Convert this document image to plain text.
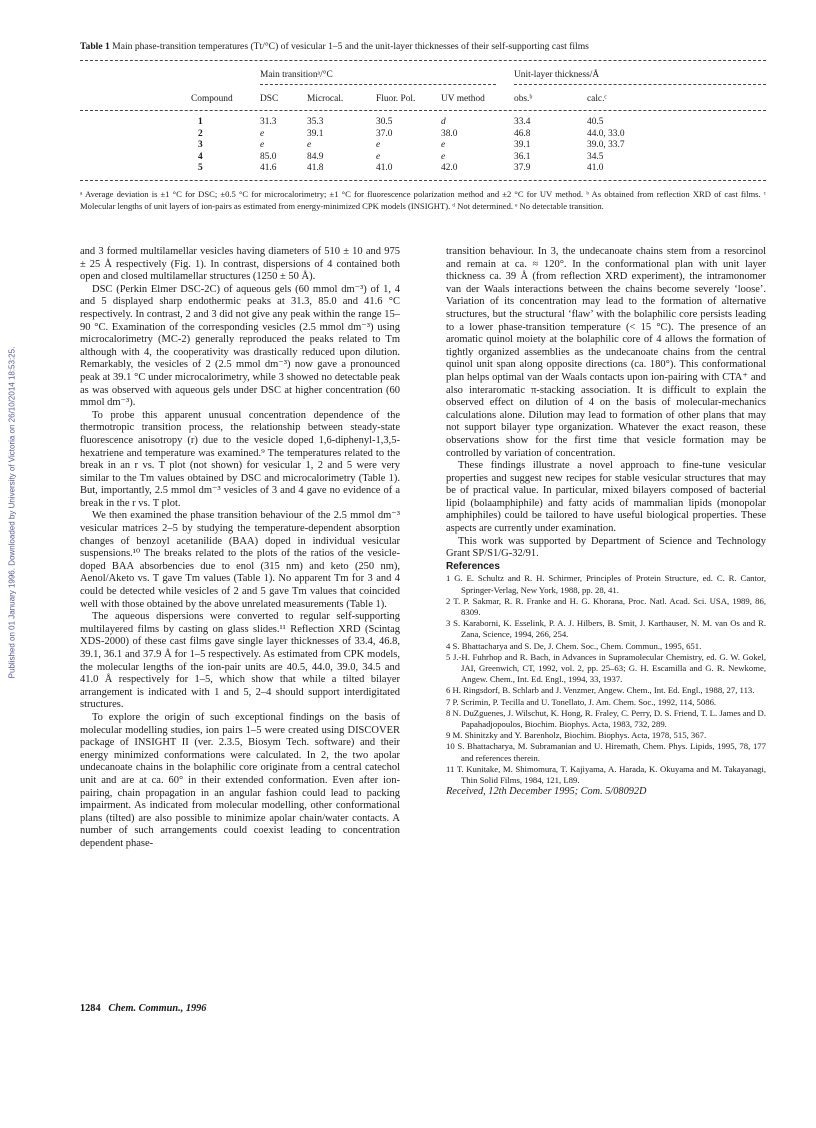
Published on 01 January 1996. Downloaded by University of Victoria on 26/10/2014 18:53:25.
Table 1 Main phase-transition temperatures (Tt/°C) of vesicular 1–5 and the unit-layer thicknesses of their self-supporting cast films
Main transitionᵃ/°C	Unit-layer thickness/Å
Compound	DSC	Microcal.	Fluor. Pol.	UV method	obs.ᵇ	calc.ᶜ
1	31.3	35.3	30.5	d	33.4	40.5
2	e	39.1	37.0	38.0	46.8	44.0, 33.0
3	e	e	e	e	39.1	39.0, 33.7
4	85.0	84.9	e	e	36.1	34.5
5	41.6	41.8	41.0	42.0	37.9	41.0
ᵃ Average deviation is ±1 °C for DSC; ±0.5 °C for microcalorimetry; ±1 °C for fluorescence polarization method and ±2 °C for UV method. ᵇ As obtained from reflection XRD of cast films. ᶜ Molecular lengths of unit layers of ion-pairs as estimated from energy-minimized CPK models (INSIGHT). ᵈ Not determined. ᵉ No detectable transition.

and 3 formed multilamellar vesicles having diameters of 510 ± 10 and 975 ± 25 Å respectively (Fig. 1). In contrast, dispersions of 4 contained both open and closed multilamellar structures (1250 ± 50 Å).

DSC (Perkin Elmer DSC-2C) of aqueous gels (60 mmol dm⁻³) of 1, 4 and 5 displayed sharp endothermic peaks at 31.3, 85.0 and 41.6 °C respectively. In contrast, 2 and 3 did not give any peak within the range 15–90 °C. Examination of the corresponding vesicles (2.5 mmol dm⁻³) using microcalorimetry (MC-2) generally reproduced the peaks related to Tm although with 4, the cooperativity was drastically reduced upon dilution. Remarkably, the vesicles of 2 (2.5 mmol dm⁻³) now gave a pronounced peak at 39.1 °C under microcalorimetry, while 3 showed no detectable peak as was observed with aqueous gels under DSC at higher concentration (60 mmol dm⁻³).

To probe this apparent unusual concentration dependence of the thermotropic transition process, the relationship between steady-state fluorescence anisotropy (r) due to the vesicle doped 1,6-diphenyl-1,3,5-hexatriene and temperature was examined.⁹ The temperatures related to the break in an r vs. T plot (not shown) for vesicular 1, 2 and 5 were very similar to the Tm values obtained by DSC and microcalorimetry (Table 1). But, importantly, 2.5 mmol dm⁻³ vesicles of 3 and 4 gave no evidence of a break in the r vs. T plot.

We then examined the phase transition behaviour of the 2.5 mmol dm⁻³ vesicular matrices 2–5 by studying the temperature-dependent absorption changes of benzoyl acetanilide (BAA) doped in individual vesicular suspensions.¹⁰ The breaks related to the plots of the ratios of the vesicle-doped BAA absorbencies due to enol (315 nm) and keto (250 nm), Aenol/Aketo vs. T gave Tm values (Table 1). No apparent Tm for 3 and 4 could be detected while vesicles of 2 and 5 gave Tm values that coincided well with those obtained by the above unrelated measurements (Table 1).

The aqueous dispersions were converted to regular self-supporting multilayered films by casting on glass slides.¹¹ Reflection XRD (Scintag XDS-2000) of these cast films gave single layer thicknesses of 33.4, 46.8, 39.1, 36.1 and 37.9 Å for 1–5 respectively. As estimated from CPK models, the molecular lengths of the ion-pair units are 40.5, 44.0, 39.0, 34.5 and 41.0 Å respectively for 1–5, which show that while a tilted bilayer arrangement is indicated with 1 and 5, 2–4 should support interdigitated structures.

To explore the origin of such exceptional findings on the basis of molecular modelling studies, ion pairs 1–5 were created using DISCOVER package of INSIGHT II (ver. 2.3.5, Biosym Tech. software) and their energy minimized conformations were calculated. In 2, the two apolar undecanoate chains in the bolaphilic core originate from a central catechol unit and are at ca. 60° in their extended conformation. Even after ion-pairing, chain propagation in an angular fashion could lead to packing impairment. As indicated from molecular modelling, other conformational plans (tilted) are also possible to minimize apolar chain/water contacts. A number of such arrangements could coexist leading to concentration dependent phase-

transition behaviour. In 3, the undecanoate chains stem from a resorcinol and remain at ca. ≈ 120°. In the conformational plan with unit layer thickness ca. 39 Å (from reflection XRD experiment), the intramonomer van der Waals interactions between the chains become severely ‘loose’. Variation of its concentration may lead to the formation of alternative structures, but the structural ‘flaw’ with the bolaphilic core persists leading to a lower phase-transition temperature (< 15 °C). The presence of an aromatic quinol moiety at the bolaphilic core of 4 allows the formation of tightly organized assemblies as the undecanoate chains from the central quinol unit span along opposite directions (ca. 180°). This conformational plan helps optimal van der Waals contacts upon ion-pairing with CTA⁺ and also interaromatic π-stacking association. It is difficult to explain the observed effect on dilution of 4 on the basis of molecular-mechanics calculations alone. Dilution may lead to formation of other plans that may not support bilayer type organization. Whatever the exact reason, these observations show for the first time that vesicle formation may be controlled by variation of concentration.

These findings illustrate a novel approach to fine-tune vesicular properties and suggest new recipes for stable vesicular structures that may be of practical value. In particular, mixed bilayers composed of bacterial lipid (bolaamphiphile) and fatty acids of mammalian lipids (monopolar amphiphiles) could be tailored to have useful biological properties. These aspects are currently under examination.

This work was supported by Department of Science and Technology Grant SP/S1/G-32/91.

References

1 G. E. Schultz and R. H. Schirmer, Principles of Protein Structure, ed. C. R. Cantor, Springer-Verlag, New York, 1988, pp. 28, 41.

2 T. P. Sakmar, R. R. Franke and H. G. Khorana, Proc. Natl. Acad. Sci. USA, 1989, 86, 8309.

3 S. Karaborni, K. Esselink, P. A. J. Hilbers, B. Smit, J. Karthauser, N. M. van Os and R. Zana, Science, 1994, 266, 254.

4 S. Bhattacharya and S. De, J. Chem. Soc., Chem. Commun., 1995, 651.

5 J.-H. Fuhrhop and R. Bach, in Advances in Supramolecular Chemistry, ed. G. W. Gokel, JAI, Greenwich, CT, 1992, vol. 2, pp. 25–63; G. H. Escamilla and G. R. Newkome, Angew. Chem., Int. Ed. Engl., 1994, 33, 1937.

6 H. Ringsdorf, B. Schlarb and J. Venzmer, Angew. Chem., Int. Ed. Engl., 1988, 27, 113.

7 P. Scrimin, P. Tecilla and U. Tonellato, J. Am. Chem. Soc., 1992, 114, 5086.

8 N. DuZguenes, J. Wilschut, K. Hong, R. Fraley, C. Perry, D. S. Friend, T. L. James and D. Papahadjopoulos, Biochim. Biophys. Acta, 1983, 732, 289.

9 M. Shinitzky and Y. Barenholz, Biochim. Biophys. Acta, 1978, 515, 367.

10 S. Bhattacharya, M. Subramanian and U. Hiremath, Chem. Phys. Lipids, 1995, 78, 177 and references therein.

11 T. Kunitake, M. Shimomura, T. Kajiyama, A. Harada, K. Okuyama and M. Takayanagi, Thin Solid Films, 1984, 121, L89.

Received, 12th December 1995; Com. 5/08092D

1284 Chem. Commun., 1996
